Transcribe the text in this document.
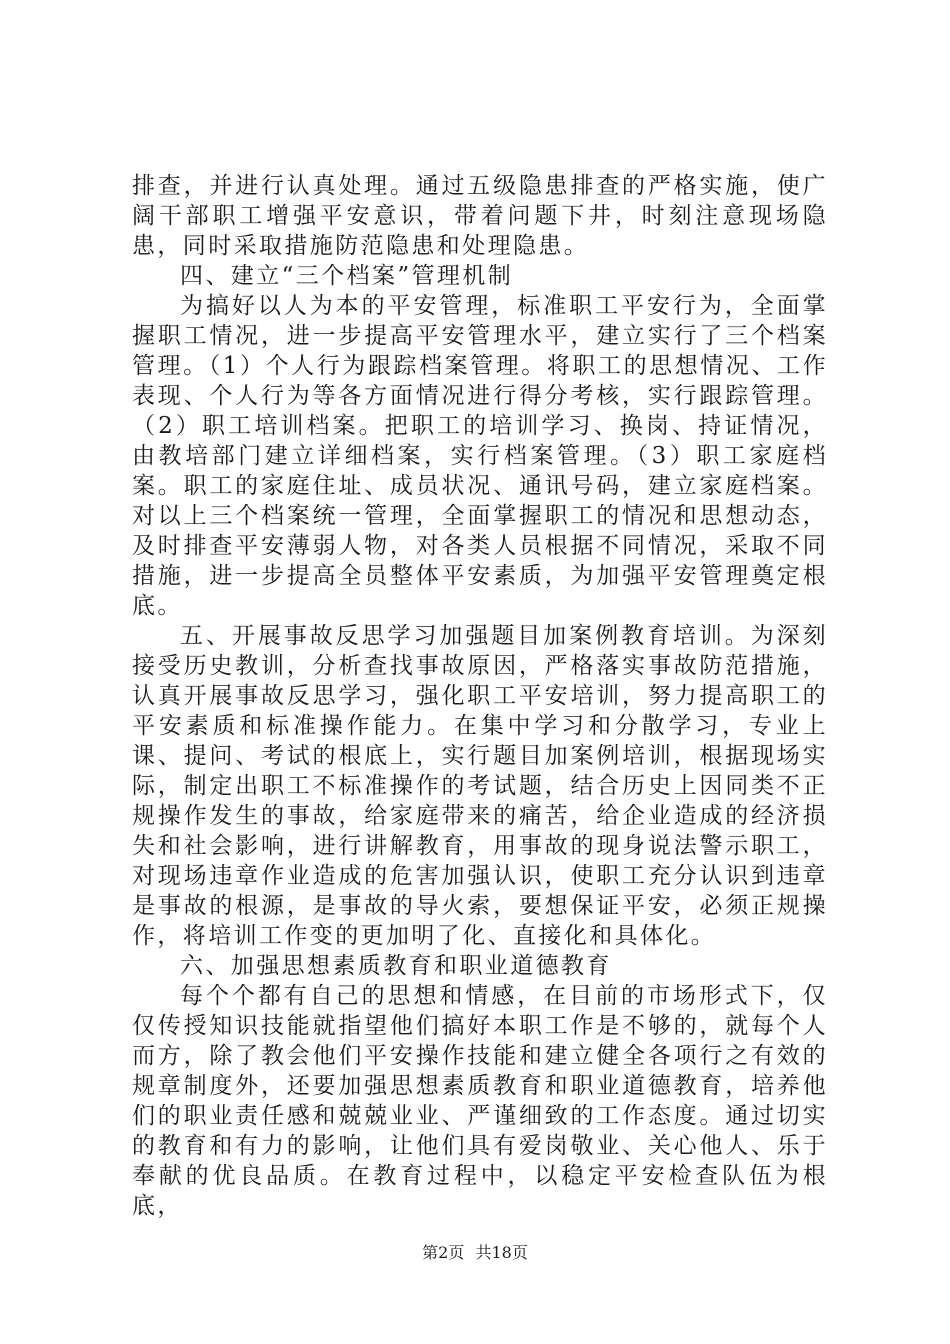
排查，并进行认真处理。通过五级隐患排查的严格实施，使广阔干部职工增强平安意识，带着问题下井，时刻注意现场隐患，同时采取措施防范隐患和处理隐患。

四、建立“三个档案”管理机制

为搞好以人为本的平安管理，标准职工平安行为，全面掌握职工情况，进一步提高平安管理水平，建立实行了三个档案管理。（1）个人行为跟踪档案管理。将职工的思想情况、工作表现、个人行为等各方面情况进行得分考核，实行跟踪管理。（2）职工培训档案。把职工的培训学习、换岗、持证情况，由教培部门建立详细档案，实行档案管理。（3）职工家庭档案。职工的家庭住址、成员状况、通讯号码，建立家庭档案。对以上三个档案统一管理，全面掌握职工的情况和思想动态，及时排查平安薄弱人物，对各类人员根据不同情况，采取不同措施，进一步提高全员整体平安素质，为加强平安管理奠定根底。

五、开展事故反思学习加强题目加案例教育培训。为深刻接受历史教训，分析查找事故原因，严格落实事故防范措施，认真开展事故反思学习，强化职工平安培训，努力提高职工的平安素质和标准操作能力。在集中学习和分散学习，专业上课、提问、考试的根底上，实行题目加案例培训，根据现场实际，制定出职工不标准操作的考试题，结合历史上因同类不正规操作发生的事故，给家庭带来的痛苦，给企业造成的经济损失和社会影响，进行讲解教育，用事故的现身说法警示职工，对现场违章作业造成的危害加强认识，使职工充分认识到违章是事故的根源，是事故的导火索，要想保证平安，必须正规操作，将培训工作变的更加明了化、直接化和具体化。

六、加强思想素质教育和职业道德教育

每个个都有自己的思想和情感，在目前的市场形式下，仅仅传授知识技能就指望他们搞好本职工作是不够的，就每个人而方，除了教会他们平安操作技能和建立健全各项行之有效的规章制度外，还要加强思想素质教育和职业道德教育，培养他们的职业责任感和兢兢业业、严谨细致的工作态度。通过切实的教育和有力的影响，让他们具有爱岗敬业、关心他人、乐于奉献的优良品质。在教育过程中，以稳定平安检查队伍为根底，

第2页 共18页
